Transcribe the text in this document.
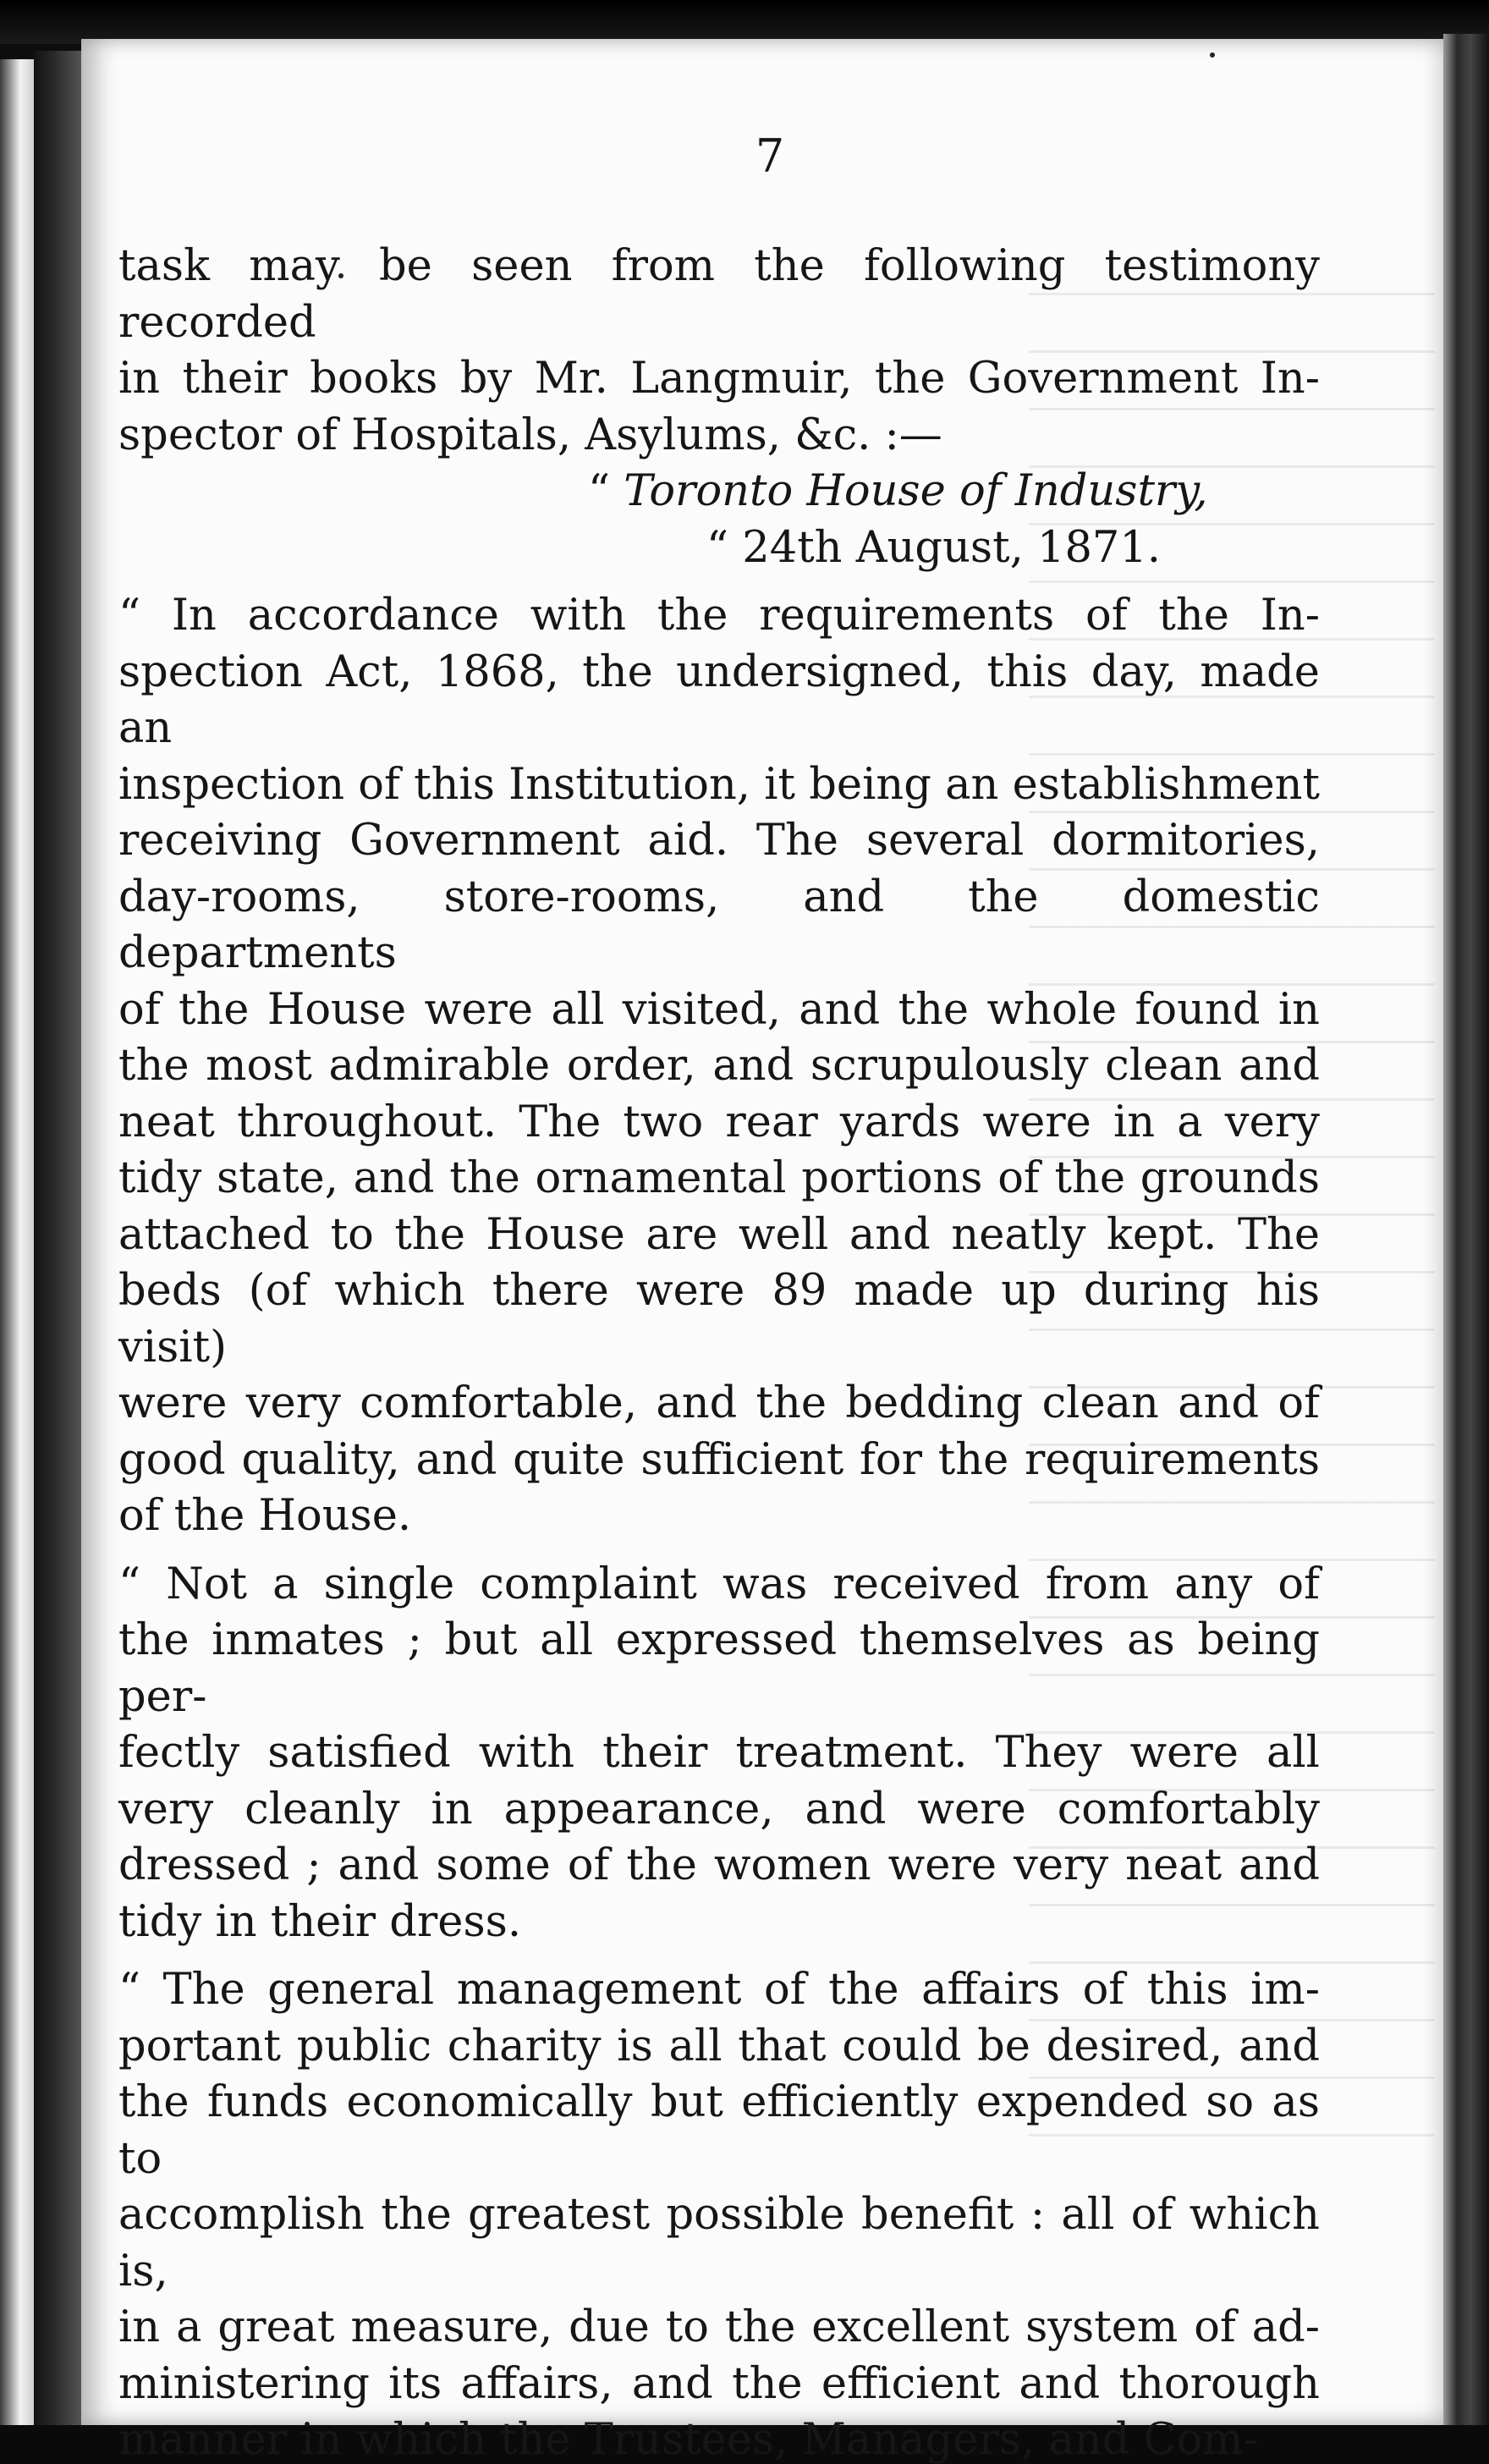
7

task may be seen from the following testimony recorded

in their books by Mr. Langmuir, the Government In-

spector of Hospitals, Asylums, &c. :—

“ Toronto House of Industry,
“ 24th August, 1871.

“ In accordance with the requirements of the In-

spection Act, 1868, the undersigned, this day, made an

inspection of this Institution, it being an establishment

receiving Government aid. The several dormitories,

day-rooms, store-rooms, and the domestic departments

of the House were all visited, and the whole found in

the most admirable order, and scrupulously clean and

neat throughout. The two rear yards were in a very

tidy state, and the ornamental portions of the grounds

attached to the House are well and neatly kept. The

beds (of which there were 89 made up during his visit)

were very comfortable, and the bedding clean and of

good quality, and quite sufficient for the requirements

of the House.

“ Not a single complaint was received from any of

the inmates ; but all expressed themselves as being per-

fectly satisfied with their treatment. They were all

very cleanly in appearance, and were comfortably

dressed ; and some of the women were very neat and

tidy in their dress.

“ The general management of the affairs of this im-

portant public charity is all that could be desired, and

the funds economically but efficiently expended so as to

accomplish the greatest possible benefit : all of which is,

in a great measure, due to the excellent system of ad-

ministering its affairs, and the efficient and thorough

manner in which the Trustees, Managers, and Com-
